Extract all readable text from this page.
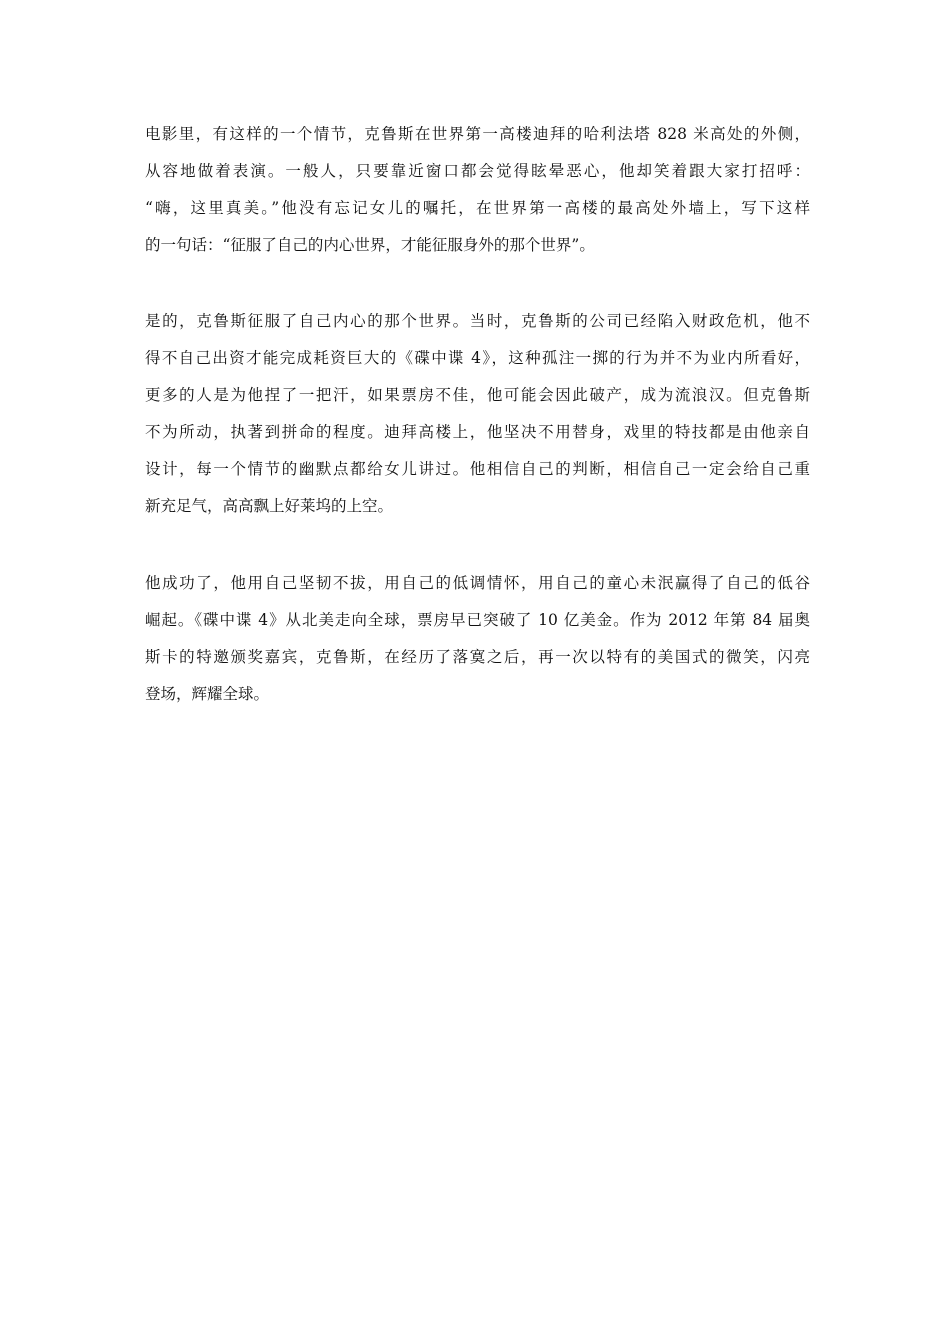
电影里，有这样的一个情节，克鲁斯在世界第一高楼迪拜的哈利法塔 828 米高处的外侧，
从容地做着表演。一般人，只要靠近窗口都会觉得眩晕恶心，他却笑着跟大家打招呼：
“嗨，这里真美。”他没有忘记女儿的嘱托，在世界第一高楼的最高处外墙上，写下这样
的一句话：“征服了自己的内心世界，才能征服身外的那个世界”。
是的，克鲁斯征服了自己内心的那个世界。当时，克鲁斯的公司已经陷入财政危机，他不
得不自己出资才能完成耗资巨大的《碟中谍 4》，这种孤注一掷的行为并不为业内所看好，
更多的人是为他捏了一把汗，如果票房不佳，他可能会因此破产，成为流浪汉。但克鲁斯
不为所动，执著到拼命的程度。迪拜高楼上，他坚决不用替身，戏里的特技都是由他亲自
设计，每一个情节的幽默点都给女儿讲过。他相信自己的判断，相信自己一定会给自己重
新充足气，高高飘上好莱坞的上空。
他成功了，他用自己坚韧不拔，用自己的低调情怀，用自己的童心未泯赢得了自己的低谷
崛起。《碟中谍 4》从北美走向全球，票房早已突破了 10 亿美金。作为 2012 年第 84 届奥
斯卡的特邀颁奖嘉宾，克鲁斯，在经历了落寞之后，再一次以特有的美国式的微笑，闪亮
登场，辉耀全球。
